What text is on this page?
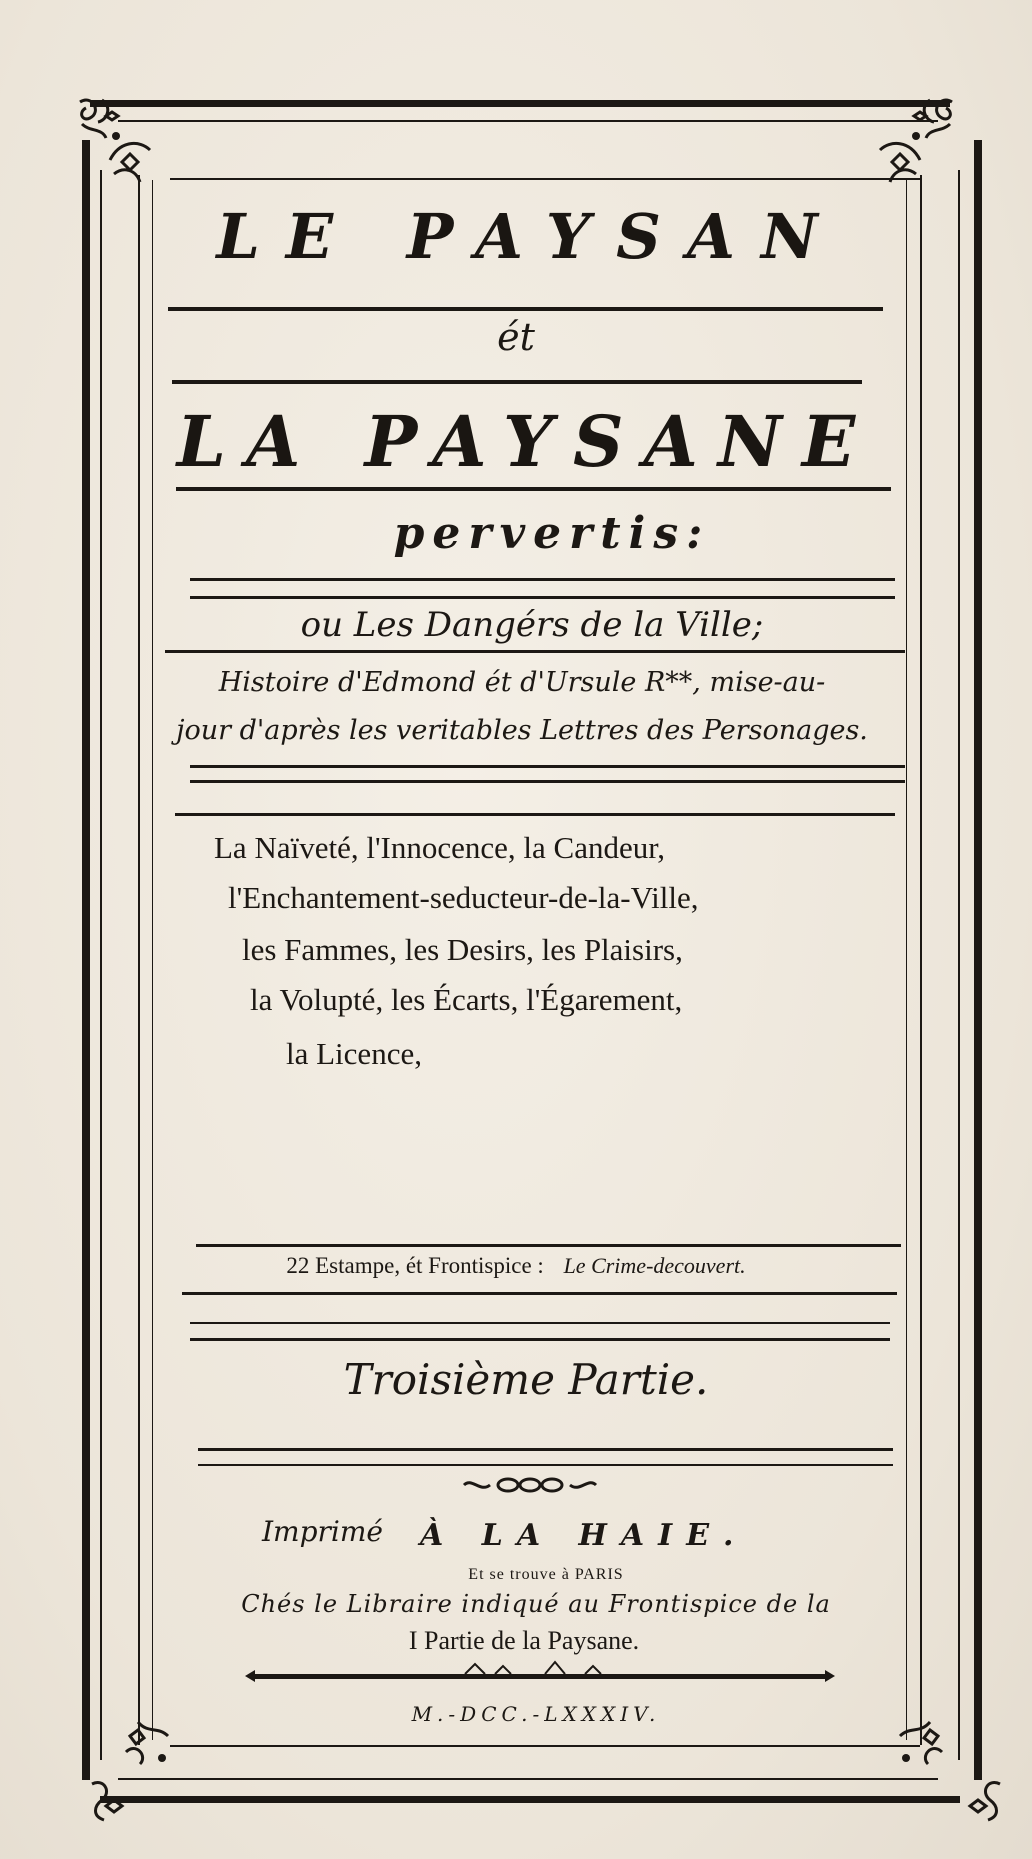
LE PAYSAN
ét
LA PAYSANE
pervertis:
ou Les Dangérs de la Ville;
Histoire d'Edmond ét d'Ursule R**, mise-au-
jour d'après les veritables Lettres des Personages.
La Naïveté, l'Innocence, la Candeur,
l'Enchantement-seducteur-de-la-Ville,
les Fammes, les Desirs, les Plaisirs,
la Volupté, les Écarts, l'Égarement,
la Licence,
22 Estampe, ét Frontispice : Le Crime-decouvert.
Troisième Partie.
Imprimé À LA HAIE.
Et se trouve à PARIS
Chés le Libraire indiqué au Frontispice de la
I Partie de la Paysane.
M.-DCC.-LXXXIV.
